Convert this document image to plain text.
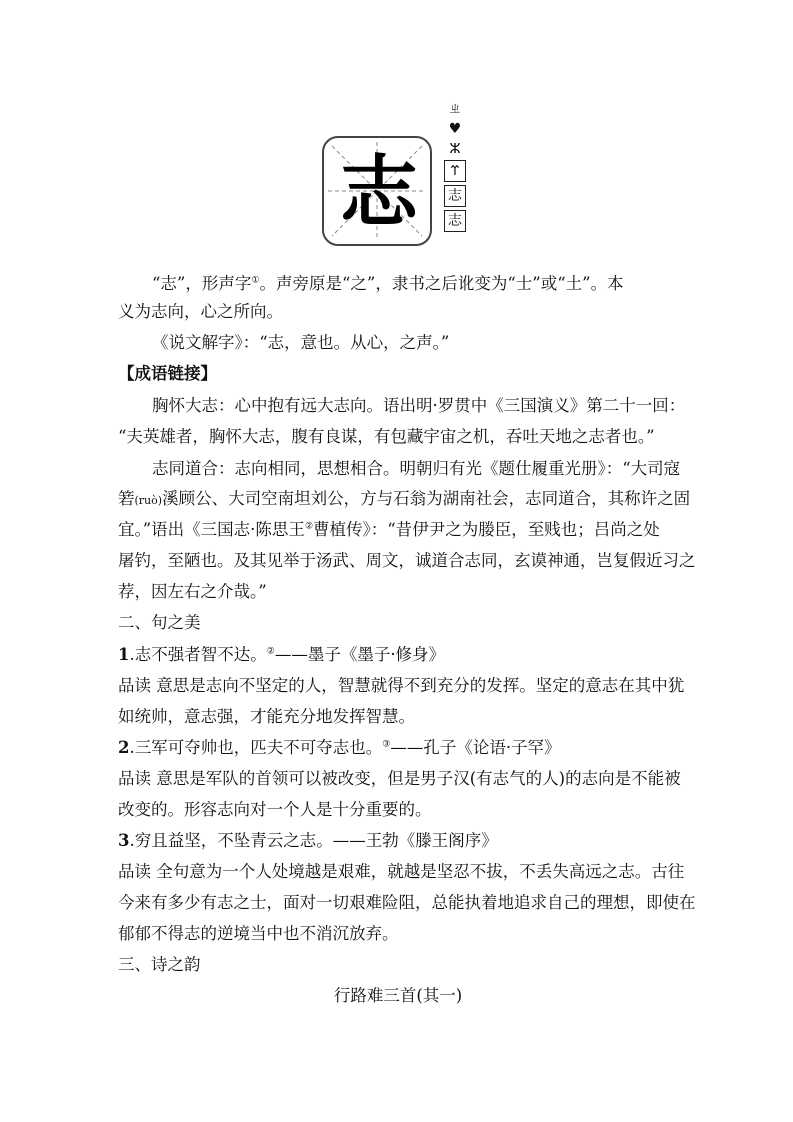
志
ㄓ
♥
ⵣ
𐰼
志
志
“志”，形声字①。声旁原是“之”，隶书之后讹变为“士”或“土”。本
义为志向，心之所向。
《说文解字》：“志，意也。从心，之声。”
【成语链接】
胸怀大志：心中抱有远大志向。语出明·罗贯中《三国演义》第二十一回：
“夫英雄者，胸怀大志，腹有良谋，有包藏宇宙之机，吞吐天地之志者也。”
志同道合：志向相同，思想相合。明朝归有光《题仕履重光册》：“大司寇
箬(ruò)溪顾公、大司空南坦刘公，方与石翁为湖南社会，志同道合，其称许之固
宜。”语出《三国志·陈思王②曹植传》：“昔伊尹之为媵臣，至贱也；吕尚之处
屠钓，至陋也。及其见举于汤武、周文，诚道合志同，玄谟神通，岂复假近习之
荐，因左右之介哉。”
二、句之美
1.志不强者智不达。②——墨子《墨子·修身》
品读 意思是志向不坚定的人，智慧就得不到充分的发挥。坚定的意志在其中犹
如统帅，意志强，才能充分地发挥智慧。
2.三军可夺帅也，匹夫不可夺志也。③——孔子《论语·子罕》
品读 意思是军队的首领可以被改变，但是男子汉(有志气的人)的志向是不能被
改变的。形容志向对一个人是十分重要的。
3.穷且益坚，不坠青云之志。——王勃《滕王阁序》
品读 全句意为一个人处境越是艰难，就越是坚忍不拔，不丢失高远之志。古往
今来有多少有志之士，面对一切艰难险阻，总能执着地追求自己的理想，即使在
郁郁不得志的逆境当中也不消沉放弃。
三、诗之韵
行路难三首(其一)
